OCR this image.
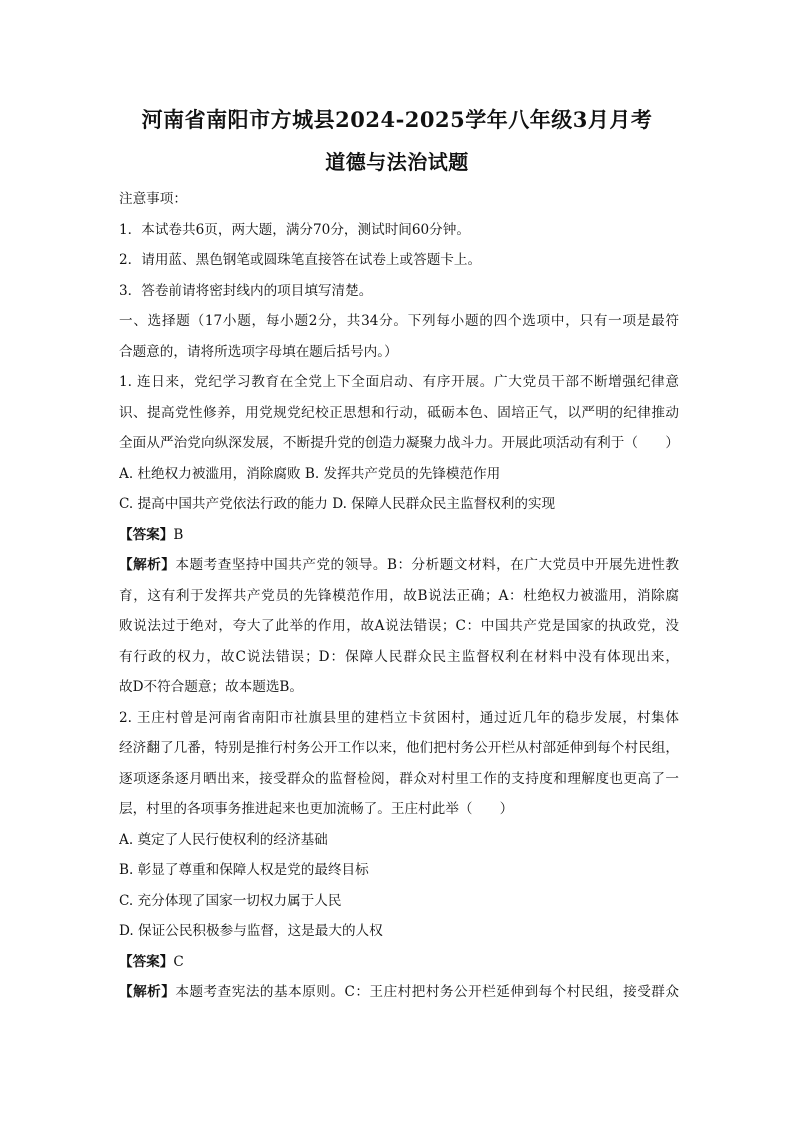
河南省南阳市方城县2024-2025学年八年级3月月考
道德与法治试题
注意事项：
1．本试卷共6页，两大题，满分70分，测试时间60分钟。
2．请用蓝、黑色钢笔或圆珠笔直接答在试卷上或答题卡上。
3．答卷前请将密封线内的项目填写清楚。
一、选择题（17小题，每小题2分，共34分。下列每小题的四个选项中，只有一项是最符
合题意的，请将所选项字母填在题后括号内。）
1. 连日来，党纪学习教育在全党上下全面启动、有序开展。广大党员干部不断增强纪律意
识、提高党性修养，用党规党纪校正思想和行动，砥砺本色、固培正气，以严明的纪律推动
全面从严治党向纵深发展，不断提升党的创造力凝聚力战斗力。开展此项活动有利于（　　）
A. 杜绝权力被滥用，消除腐败 B. 发挥共产党员的先锋模范作用
C. 提高中国共产党依法行政的能力 D. 保障人民群众民主监督权利的实现
【答案】B
【解析】本题考查坚持中国共产党的领导。B：分析题文材料，在广大党员中开展先进性教
育，这有利于发挥共产党员的先锋模范作用，故B说法正确；A：杜绝权力被滥用，消除腐
败说法过于绝对，夸大了此举的作用，故A说法错误；C：中国共产党是国家的执政党，没
有行政的权力，故C说法错误；D：保障人民群众民主监督权利在材料中没有体现出来，
故D不符合题意；故本题选B。
2. 王庄村曾是河南省南阳市社旗县里的建档立卡贫困村，通过近几年的稳步发展，村集体
经济翻了几番，特别是推行村务公开工作以来，他们把村务公开栏从村部延伸到每个村民组，
逐项逐条逐月晒出来，接受群众的监督检阅，群众对村里工作的支持度和理解度也更高了一
层，村里的各项事务推进起来也更加流畅了。王庄村此举（　　）
A. 奠定了人民行使权利的经济基础
B. 彰显了尊重和保障人权是党的最终目标
C. 充分体现了国家一切权力属于人民
D. 保证公民积极参与监督，这是最大的人权
【答案】C
【解析】本题考查宪法的基本原则。C：王庄村把村务公开栏延伸到每个村民组，接受群众
